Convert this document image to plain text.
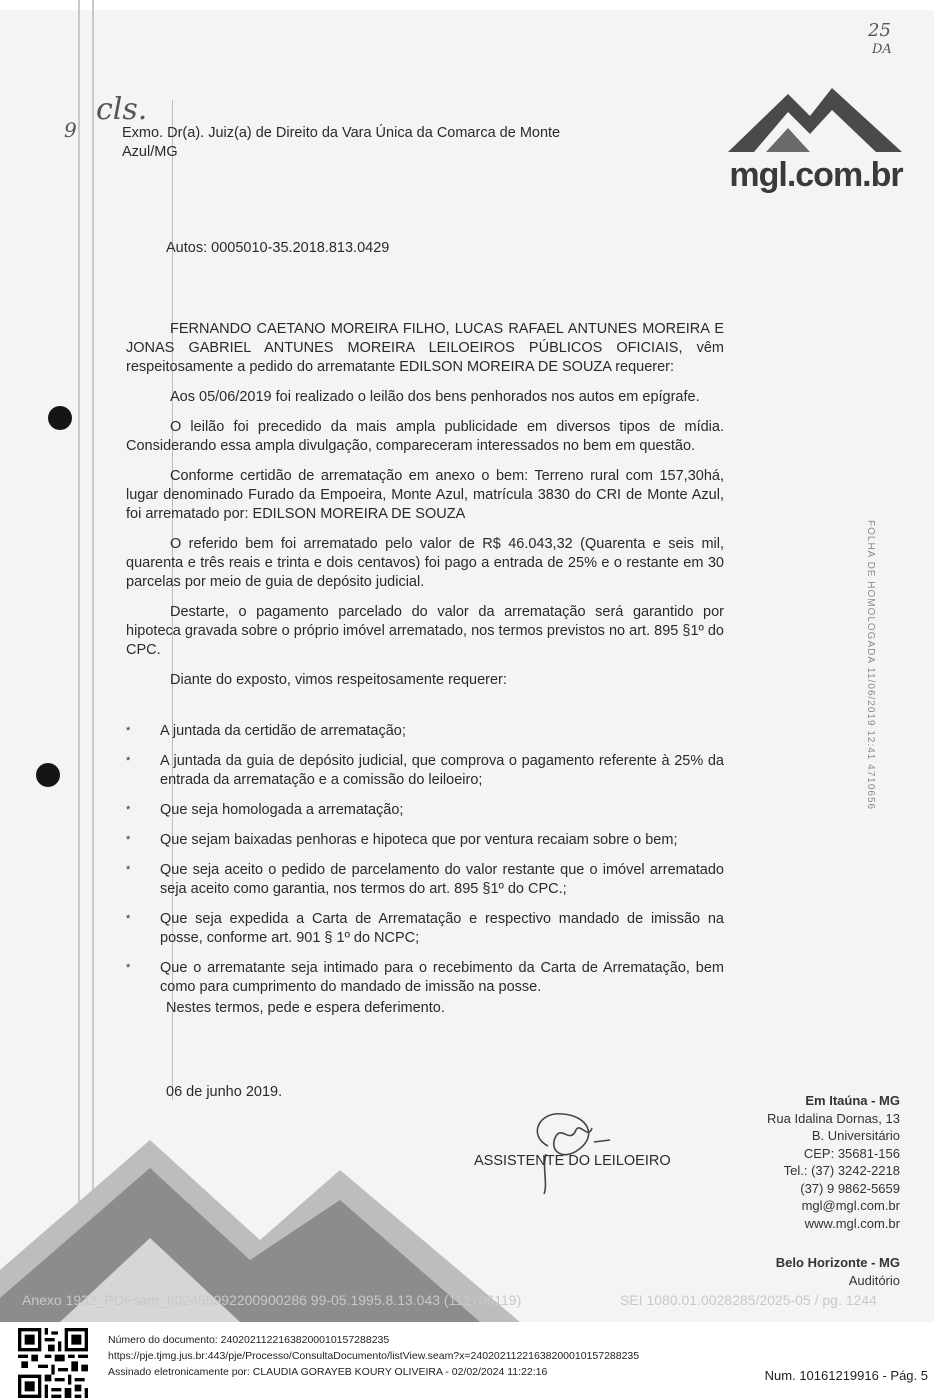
25
DA
cls.
9
mgl.com.br
Exmo. Dr(a). Juiz(a) de Direito da Vara Única da Comarca de Monte
Azul/MG
Autos: 0005010-35.2018.813.0429

FERNANDO CAETANO MOREIRA FILHO, LUCAS RAFAEL ANTUNES MOREIRA E JONAS GABRIEL ANTUNES MOREIRA LEILOEIROS PÚBLICOS OFICIAIS, vêm respeitosamente a pedido do arrematante EDILSON MOREIRA DE SOUZA requerer:

Aos 05/06/2019 foi realizado o leilão dos bens penhorados nos autos em epígrafe.

O leilão foi precedido da mais ampla publicidade em diversos tipos de mídia. Considerando essa ampla divulgação, compareceram interessados no bem em questão.

Conforme certidão de arrematação em anexo o bem: Terreno rural com 157,30há, lugar denominado Furado da Empoeira, Monte Azul, matrícula 3830 do CRI de Monte Azul, foi arrematado por: EDILSON MOREIRA DE SOUZA

O referido bem foi arrematado pelo valor de R$ 46.043,32 (Quarenta e seis mil, quarenta e três reais e trinta e dois centavos) foi pago a entrada de 25% e o restante em 30 parcelas por meio de guia de depósito judicial.

Destarte, o pagamento parcelado do valor da arrematação será garantido por hipoteca gravada sobre o próprio imóvel arrematado, nos termos previstos no art. 895 §1º do CPC.

Diante do exposto, vimos respeitosamente requerer:

* A juntada da certidão de arrematação;
* A juntada da guia de depósito judicial, que comprova o pagamento referente à 25% da entrada da arrematação e a comissão do leiloeiro;
* Que seja homologada a arrematação;
* Que sejam baixadas penhoras e hipoteca que por ventura recaiam sobre o bem;
* Que seja aceito o pedido de parcelamento do valor restante que o imóvel arrematado seja aceito como garantia, nos termos do art. 895 §1º do CPC.;
* Que seja expedida a Carta de Arrematação e respectivo mandado de imissão na posse, conforme art. 901 § 1º do NCPC;
* Que o arrematante seja intimado para o recebimento da Carta de Arrematação, bem como para cumprimento do mandado de imissão na posse.
Nestes termos, pede e espera deferimento.
06 de junho 2019.
ASSISTENTE DO LEILOEIRO
Em Itaúna - MG
Rua Idalina Dornas, 13
B. Universitário
CEP: 35681-156
Tel.: (37) 3242-2218
(37) 9 9862-5659
mgl@mgl.com.br
www.mgl.com.br
Belo Horizonte - MG
Auditório
FOLHA DE HOMOLOGADA 11/06/2019 12:41 4710656
Anexo 1932_PDFsam_602455992200900286 99-05.1995.8.13.043 (112706119)	SEI 1080.01.0028285/2025-05 / pg. 1244
Número do documento: 24020211221638200010157288235
https://pje.tjmg.jus.br:443/pje/Processo/ConsultaDocumento/listView.seam?x=24020211221638200010157288235
Assinado eletronicamente por: CLAUDIA GORAYEB KOURY OLIVEIRA - 02/02/2024 11:22:16	Num. 10161219916 - Pág. 5
